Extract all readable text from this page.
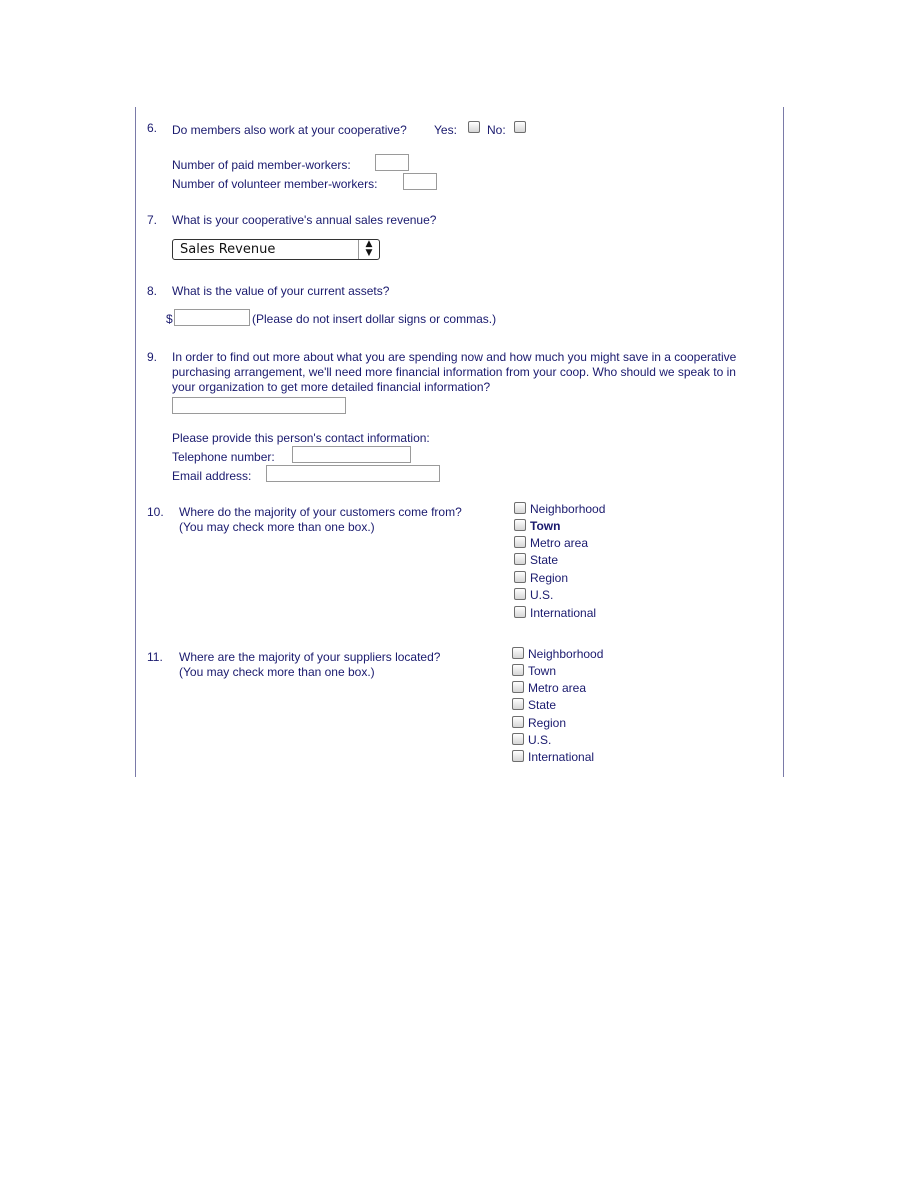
6. Do members also work at your cooperative? Yes:	No:
Number of paid member-workers:
Number of volunteer member-workers:
7. What is your cooperative's annual sales revenue?
Sales Revenue	▲
▼
8. What is the value of your current assets?
$	(Please do not insert dollar signs or commas.)
9. In order to find out more about what you are spending now and how much you might save in a cooperative purchasing arrangement, we'll need more financial information from your coop. Who should we speak to in your organization to get more detailed financial information?
Please provide this person's contact information:
Telephone number:
Email address:
10. Where do the majority of your customers come from?
(You may check more than one box.)
Neighborhood
Town
Metro area
State
Region
U.S.
International
11. Where are the majority of your suppliers located?
(You may check more than one box.)
Neighborhood
Town
Metro area
State
Region
U.S.
International
